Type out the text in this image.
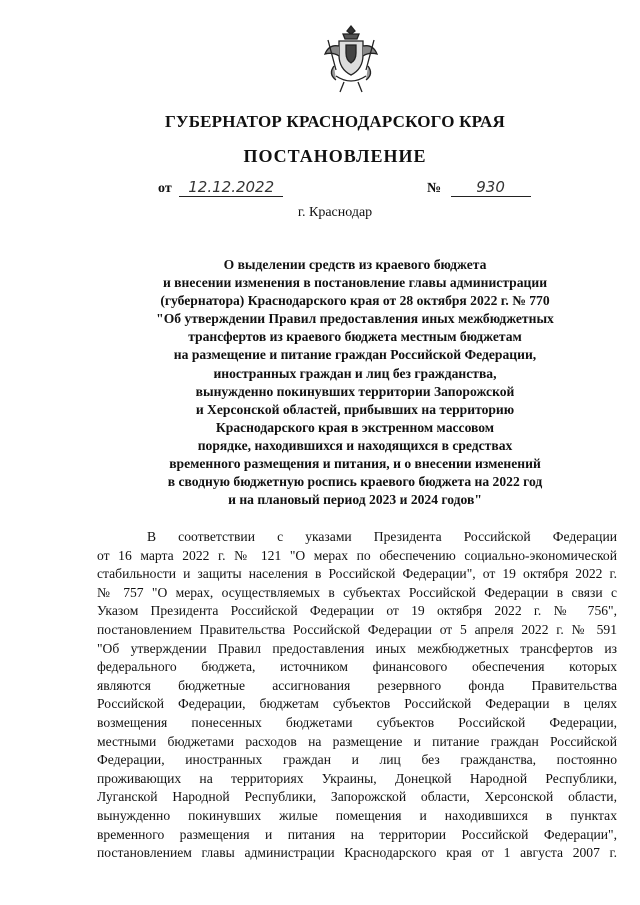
ГУБЕРНАТОР КРАСНОДАРСКОГО КРАЯ
ПОСТАНОВЛЕНИЕ
от 12.12.2022	№ 930
г. Краснодар
О выделении средств из краевого бюджета
и внесении изменения в постановление главы администрации
(губернатора) Краснодарского края от 28 октября 2022 г. № 770
"Об утверждении Правил предоставления иных межбюджетных
трансфертов из краевого бюджета местным бюджетам
на размещение и питание граждан Российской Федерации,
иностранных граждан и лиц без гражданства,
вынужденно покинувших территории Запорожской
и Херсонской областей, прибывших на территорию
Краснодарского края в экстренном массовом
порядке, находившихся и находящихся в средствах
временного размещения и питания, и о внесении изменений
в сводную бюджетную роспись краевого бюджета на 2022 год
и на плановый период 2023 и 2024 годов"
В соответствии с указами Президента Российской Федерации
от 16 марта 2022 г. № 121 "О мерах по обеспечению социально-экономической
стабильности и защиты населения в Российской Федерации", от 19 октября 2022 г.
№ 757 "О мерах, осуществляемых в субъектах Российской Федерации в связи с
Указом Президента Российской Федерации от 19 октября 2022 г. № 756",
постановлением Правительства Российской Федерации от 5 апреля 2022 г. № 591
"Об утверждении Правил предоставления иных межбюджетных трансфертов из
федерального бюджета, источником финансового обеспечения которых
являются бюджетные ассигнования резервного фонда Правительства
Российской Федерации, бюджетам субъектов Российской Федерации в целях
возмещения понесенных бюджетами субъектов Российской Федерации,
местными бюджетами расходов на размещение и питание граждан Российской
Федерации, иностранных граждан и лиц без гражданства, постоянно
проживающих на территориях Украины, Донецкой Народной Республики,
Луганской Народной Республики, Запорожской области, Херсонской области,
вынужденно покинувших жилые помещения и находившихся в пунктах
временного размещения и питания на территории Российской Федерации",
постановлением главы администрации Краснодарского края от 1 августа 2007 г.
